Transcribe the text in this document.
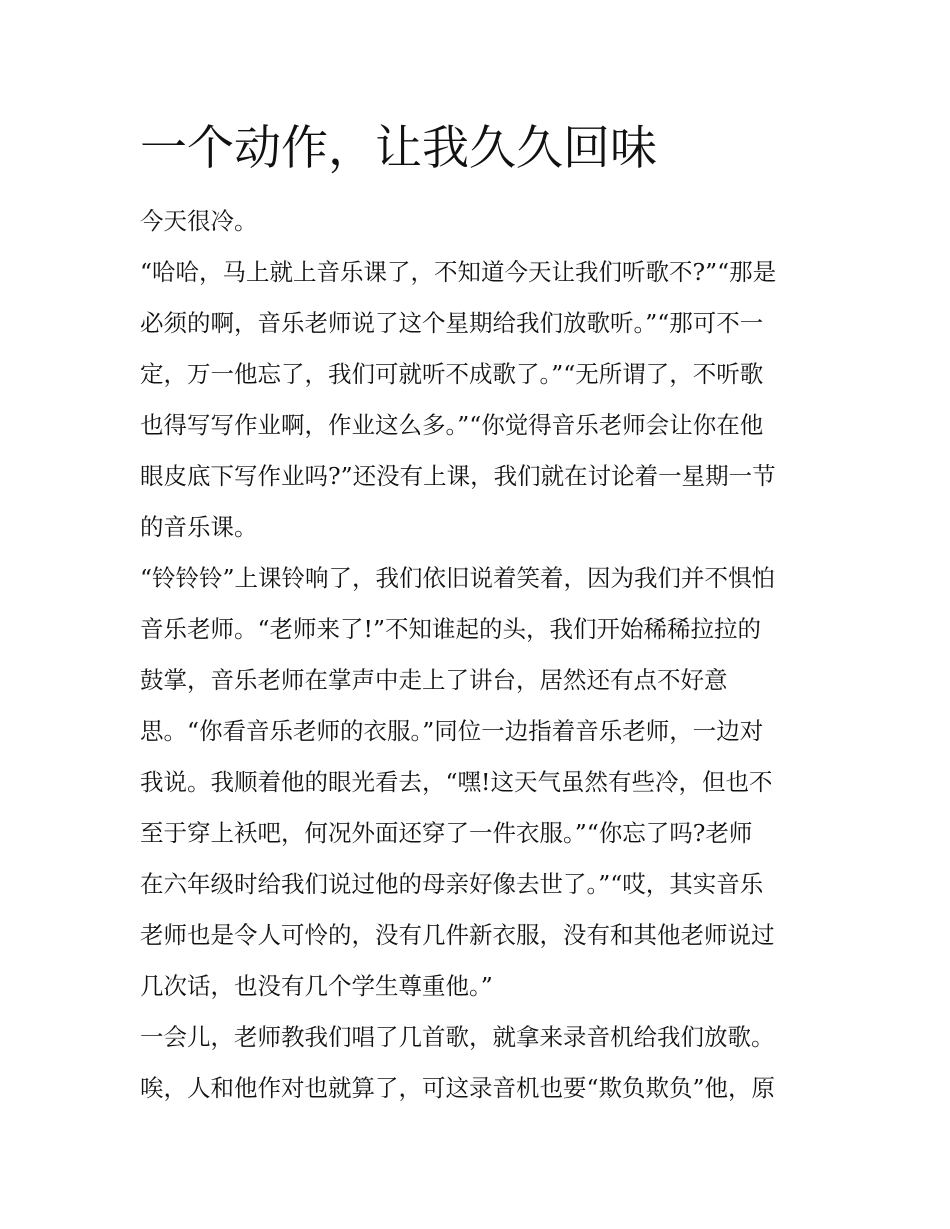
一个动作，让我久久回味
今天很冷。
“哈哈，马上就上音乐课了，不知道今天让我们听歌不?”“那是
必须的啊，音乐老师说了这个星期给我们放歌听。”“那可不一
定，万一他忘了，我们可就听不成歌了。”“无所谓了，不听歌
也得写写作业啊，作业这么多。”“你觉得音乐老师会让你在他
眼皮底下写作业吗?”还没有上课，我们就在讨论着一星期一节
的音乐课。
“铃铃铃”上课铃响了，我们依旧说着笑着，因为我们并不惧怕
音乐老师。“老师来了!”不知谁起的头，我们开始稀稀拉拉的
鼓掌，音乐老师在掌声中走上了讲台，居然还有点不好意
思。“你看音乐老师的衣服。”同位一边指着音乐老师，一边对
我说。我顺着他的眼光看去，“嘿!这天气虽然有些冷，但也不
至于穿上袄吧，何况外面还穿了一件衣服。”“你忘了吗?老师
在六年级时给我们说过他的母亲好像去世了。”“哎，其实音乐
老师也是令人可怜的，没有几件新衣服，没有和其他老师说过
几次话，也没有几个学生尊重他。”
一会儿，老师教我们唱了几首歌，就拿来录音机给我们放歌。
唉，人和他作对也就算了，可这录音机也要“欺负欺负”他，原
